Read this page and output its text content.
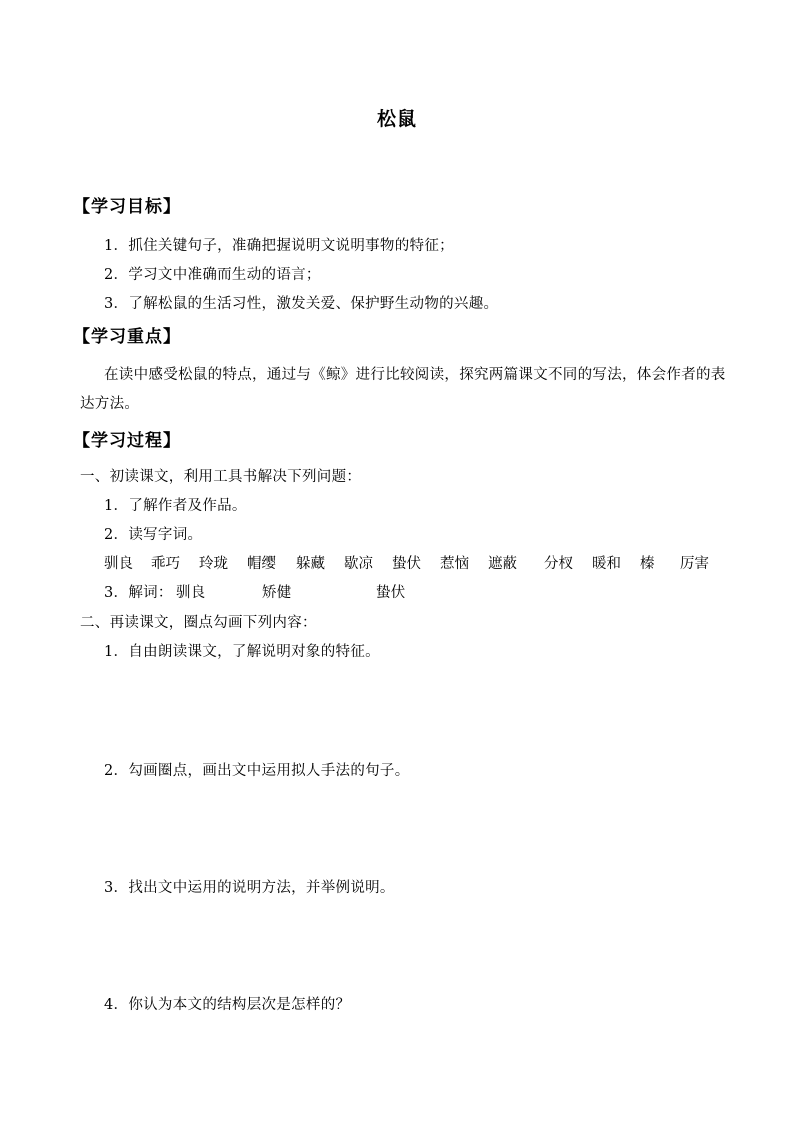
松鼠
【学习目标】
1．抓住关键句子，准确把握说明文说明事物的特征；
2．学习文中准确而生动的语言；
3．了解松鼠的生活习性，激发关爱、保护野生动物的兴趣。
【学习重点】
在读中感受松鼠的特点，通过与《鲸》进行比较阅读，探究两篇课文不同的写法，体会作者的表达方法。
【学习过程】
一、初读课文，利用工具书解决下列问题：
1．了解作者及作品。
2．读写字词。
驯良 乖巧 玲珑 帽缨 躲藏 歇凉 蛰伏 惹恼 遮蔽 分杈 暖和 榛 厉害
3．解词： 驯良	矫健	蛰伏
二、再读课文，圈点勾画下列内容：
1．自由朗读课文，了解说明对象的特征。
2．勾画圈点，画出文中运用拟人手法的句子。
3．找出文中运用的说明方法，并举例说明。
4．你认为本文的结构层次是怎样的？
